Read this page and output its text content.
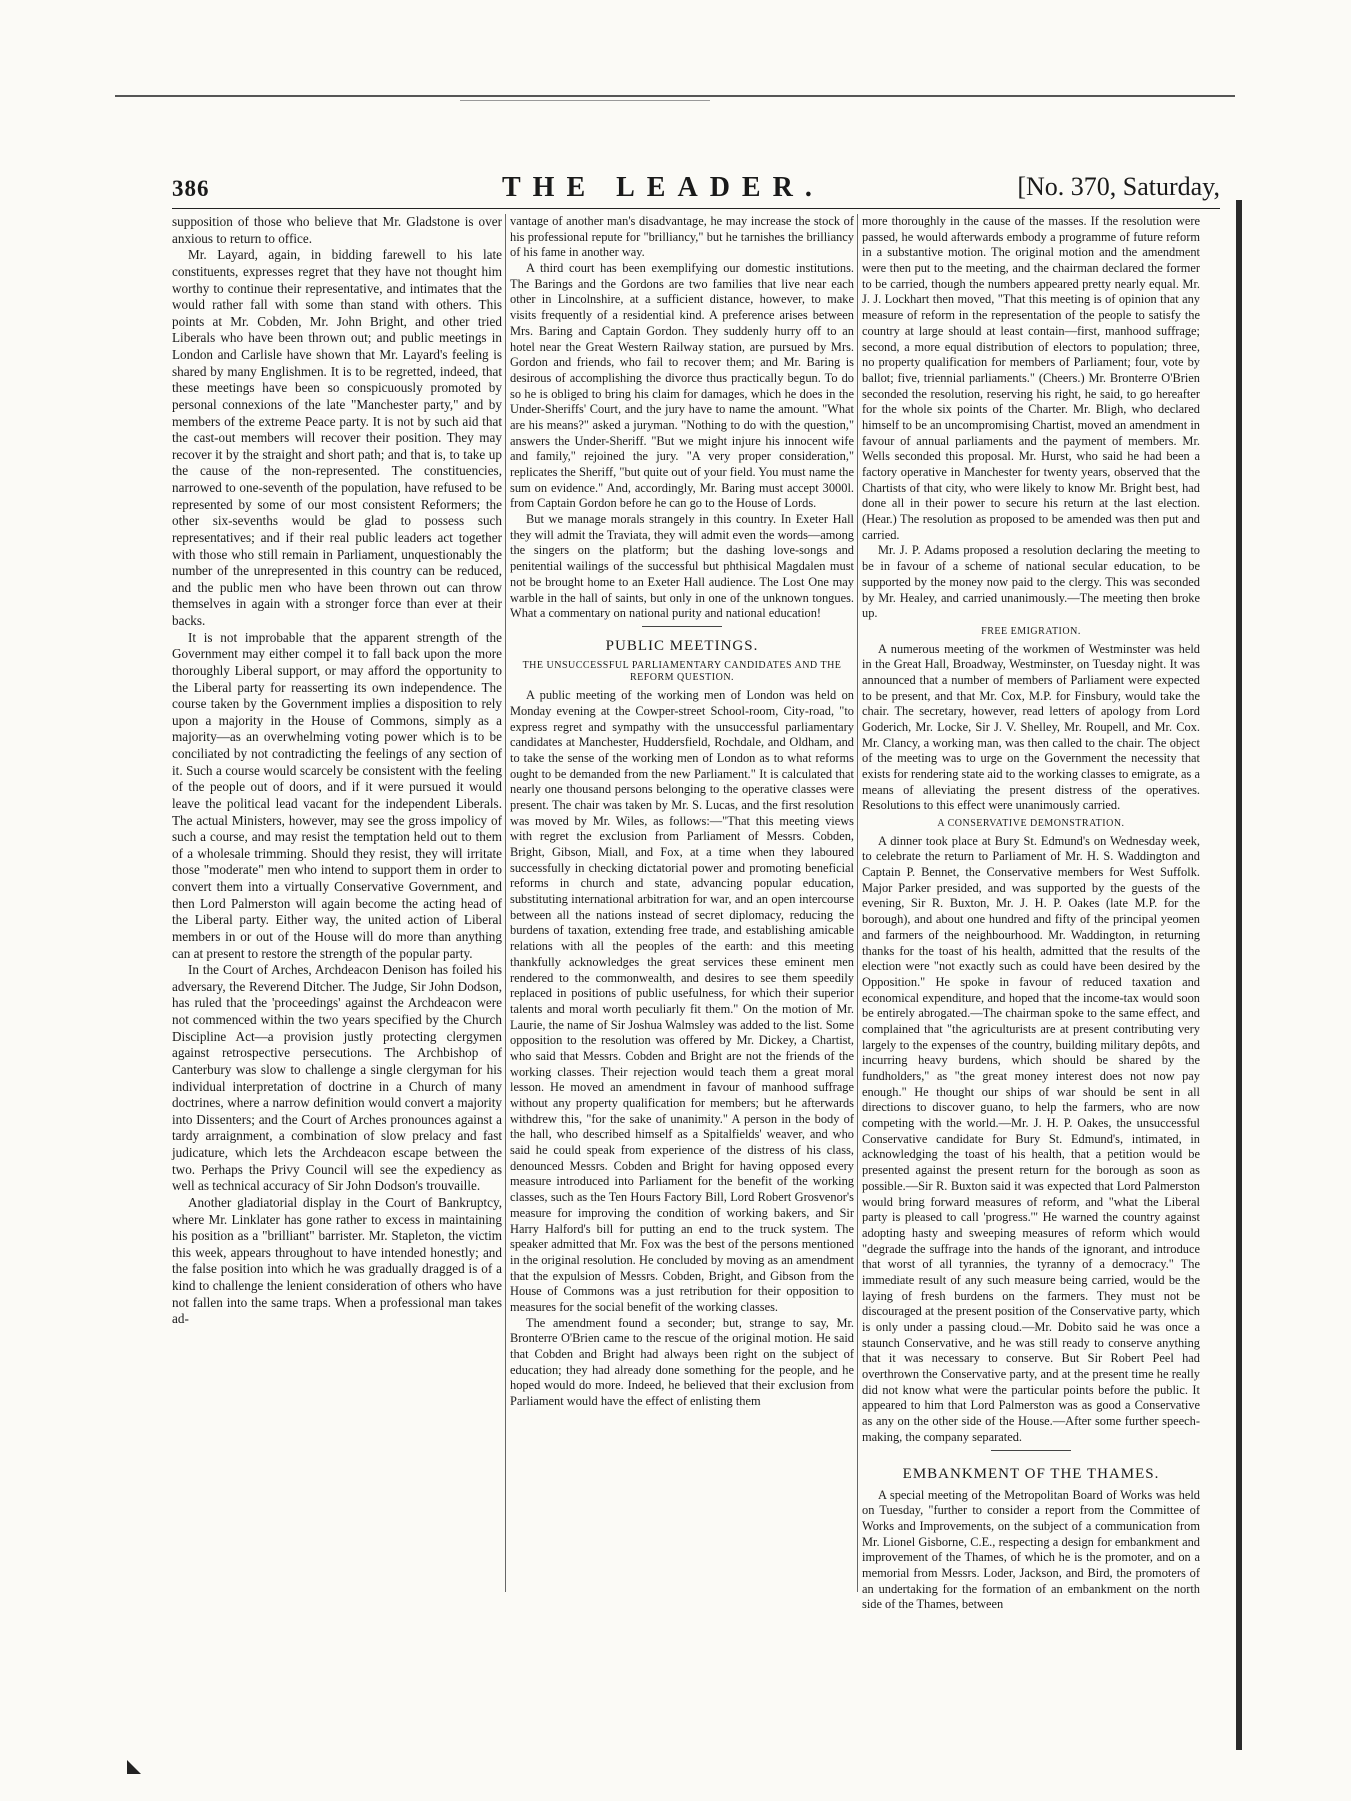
386	THE LEADER.	[No. 370, Saturday,

supposition of those who believe that Mr. Gladstone is over anxious to return to office.

Mr. Layard, again, in bidding farewell to his late constituents, expresses regret that they have not thought him worthy to continue their representative, and intimates that the would rather fall with some than stand with others. This points at Mr. Cobden, Mr. John Bright, and other tried Liberals who have been thrown out; and public meetings in London and Carlisle have shown that Mr. Layard's feeling is shared by many Englishmen. It is to be regretted, indeed, that these meetings have been so conspicuously promoted by personal connexions of the late "Manchester party," and by members of the extreme Peace party. It is not by such aid that the cast-out members will recover their position. They may recover it by the straight and short path; and that is, to take up the cause of the non-represented. The constituencies, narrowed to one-seventh of the population, have refused to be represented by some of our most consistent Reformers; the other six-sevenths would be glad to possess such representatives; and if their real public leaders act together with those who still remain in Parliament, unquestionably the number of the unrepresented in this country can be reduced, and the public men who have been thrown out can throw themselves in again with a stronger force than ever at their backs.

It is not improbable that the apparent strength of the Government may either compel it to fall back upon the more thoroughly Liberal support, or may afford the opportunity to the Liberal party for reasserting its own independence. The course taken by the Government implies a disposition to rely upon a majority in the House of Commons, simply as a majority—as an overwhelming voting power which is to be conciliated by not contradicting the feelings of any section of it. Such a course would scarcely be consistent with the feeling of the people out of doors, and if it were pursued it would leave the political lead vacant for the independent Liberals. The actual Ministers, however, may see the gross impolicy of such a course, and may resist the temptation held out to them of a wholesale trimming. Should they resist, they will irritate those "moderate" men who intend to support them in order to convert them into a virtually Conservative Government, and then Lord Palmerston will again become the acting head of the Liberal party. Either way, the united action of Liberal members in or out of the House will do more than anything can at present to restore the strength of the popular party.

In the Court of Arches, Archdeacon Denison has foiled his adversary, the Reverend Ditcher. The Judge, Sir John Dodson, has ruled that the 'proceedings' against the Archdeacon were not commenced within the two years specified by the Church Discipline Act—a provision justly protecting clergymen against retrospective persecutions. The Archbishop of Canterbury was slow to challenge a single clergyman for his individual interpretation of doctrine in a Church of many doctrines, where a narrow definition would convert a majority into Dissenters; and the Court of Arches pronounces against a tardy arraignment, a combination of slow prelacy and fast judicature, which lets the Archdeacon escape between the two. Perhaps the Privy Council will see the expediency as well as technical accuracy of Sir John Dodson's trouvaille.

Another gladiatorial display in the Court of Bankruptcy, where Mr. Linklater has gone rather to excess in maintaining his position as a "brilliant" barrister. Mr. Stapleton, the victim this week, appears throughout to have intended honestly; and the false position into which he was gradually dragged is of a kind to challenge the lenient consideration of others who have not fallen into the same traps. When a professional man takes ad-

vantage of another man's disadvantage, he may increase the stock of his professional repute for "brilliancy," but he tarnishes the brilliancy of his fame in another way.

A third court has been exemplifying our domestic institutions. The Barings and the Gordons are two families that live near each other in Lincolnshire, at a sufficient distance, however, to make visits frequently of a residential kind. A preference arises between Mrs. Baring and Captain Gordon. They suddenly hurry off to an hotel near the Great Western Railway station, are pursued by Mrs. Gordon and friends, who fail to recover them; and Mr. Baring is desirous of accomplishing the divorce thus practically begun. To do so he is obliged to bring his claim for damages, which he does in the Under-Sheriffs' Court, and the jury have to name the amount. "What are his means?" asked a juryman. "Nothing to do with the question," answers the Under-Sheriff. "But we might injure his innocent wife and family," rejoined the jury. "A very proper consideration," replicates the Sheriff, "but quite out of your field. You must name the sum on evidence." And, accordingly, Mr. Baring must accept 3000l. from Captain Gordon before he can go to the House of Lords.

But we manage morals strangely in this country. In Exeter Hall they will admit the Traviata, they will admit even the words—among the singers on the platform; but the dashing love-songs and penitential wailings of the successful but phthisical Magdalen must not be brought home to an Exeter Hall audience. The Lost One may warble in the hall of saints, but only in one of the unknown tongues. What a commentary on national purity and national education!

PUBLIC MEETINGS.
THE UNSUCCESSFUL PARLIAMENTARY CANDIDATES AND THE REFORM QUESTION.

A public meeting of the working men of London was held on Monday evening at the Cowper-street School-room, City-road, "to express regret and sympathy with the unsuccessful parliamentary candidates at Manchester, Huddersfield, Rochdale, and Oldham, and to take the sense of the working men of London as to what reforms ought to be demanded from the new Parliament." It is calculated that nearly one thousand persons belonging to the operative classes were present. The chair was taken by Mr. S. Lucas, and the first resolution was moved by Mr. Wiles, as follows:—"That this meeting views with regret the exclusion from Parliament of Messrs. Cobden, Bright, Gibson, Miall, and Fox, at a time when they laboured successfully in checking dictatorial power and promoting beneficial reforms in church and state, advancing popular education, substituting international arbitration for war, and an open intercourse between all the nations instead of secret diplomacy, reducing the burdens of taxation, extending free trade, and establishing amicable relations with all the peoples of the earth: and this meeting thankfully acknowledges the great services these eminent men rendered to the commonwealth, and desires to see them speedily replaced in positions of public usefulness, for which their superior talents and moral worth peculiarly fit them." On the motion of Mr. Laurie, the name of Sir Joshua Walmsley was added to the list. Some opposition to the resolution was offered by Mr. Dickey, a Chartist, who said that Messrs. Cobden and Bright are not the friends of the working classes. Their rejection would teach them a great moral lesson. He moved an amendment in favour of manhood suffrage without any property qualification for members; but he afterwards withdrew this, "for the sake of unanimity." A person in the body of the hall, who described himself as a Spitalfields' weaver, and who said he could speak from experience of the distress of his class, denounced Messrs. Cobden and Bright for having opposed every measure introduced into Parliament for the benefit of the working classes, such as the Ten Hours Factory Bill, Lord Robert Grosvenor's measure for improving the condition of working bakers, and Sir Harry Halford's bill for putting an end to the truck system. The speaker admitted that Mr. Fox was the best of the persons mentioned in the original resolution. He concluded by moving as an amendment that the expulsion of Messrs. Cobden, Bright, and Gibson from the House of Commons was a just retribution for their opposition to measures for the social benefit of the working classes.

The amendment found a seconder; but, strange to say, Mr. Bronterre O'Brien came to the rescue of the original motion. He said that Cobden and Bright had always been right on the subject of education; they had already done something for the people, and he hoped would do more. Indeed, he believed that their exclusion from Parliament would have the effect of enlisting them

more thoroughly in the cause of the masses. If the resolution were passed, he would afterwards embody a programme of future reform in a substantive motion. The original motion and the amendment were then put to the meeting, and the chairman declared the former to be carried, though the numbers appeared pretty nearly equal. Mr. J. J. Lockhart then moved, "That this meeting is of opinion that any measure of reform in the representation of the people to satisfy the country at large should at least contain—first, manhood suffrage; second, a more equal distribution of electors to population; three, no property qualification for members of Parliament; four, vote by ballot; five, triennial parliaments." (Cheers.) Mr. Bronterre O'Brien seconded the resolution, reserving his right, he said, to go hereafter for the whole six points of the Charter. Mr. Bligh, who declared himself to be an uncompromising Chartist, moved an amendment in favour of annual parliaments and the payment of members. Mr. Wells seconded this proposal. Mr. Hurst, who said he had been a factory operative in Manchester for twenty years, observed that the Chartists of that city, who were likely to know Mr. Bright best, had done all in their power to secure his return at the last election. (Hear.) The resolution as proposed to be amended was then put and carried.

Mr. J. P. Adams proposed a resolution declaring the meeting to be in favour of a scheme of national secular education, to be supported by the money now paid to the clergy. This was seconded by Mr. Healey, and carried unanimously.—The meeting then broke up.

FREE EMIGRATION.

A numerous meeting of the workmen of Westminster was held in the Great Hall, Broadway, Westminster, on Tuesday night. It was announced that a number of members of Parliament were expected to be present, and that Mr. Cox, M.P. for Finsbury, would take the chair. The secretary, however, read letters of apology from Lord Goderich, Mr. Locke, Sir J. V. Shelley, Mr. Roupell, and Mr. Cox. Mr. Clancy, a working man, was then called to the chair. The object of the meeting was to urge on the Government the necessity that exists for rendering state aid to the working classes to emigrate, as a means of alleviating the present distress of the operatives. Resolutions to this effect were unanimously carried.

A CONSERVATIVE DEMONSTRATION.

A dinner took place at Bury St. Edmund's on Wednesday week, to celebrate the return to Parliament of Mr. H. S. Waddington and Captain P. Bennet, the Conservative members for West Suffolk. Major Parker presided, and was supported by the guests of the evening, Sir R. Buxton, Mr. J. H. P. Oakes (late M.P. for the borough), and about one hundred and fifty of the principal yeomen and farmers of the neighbourhood. Mr. Waddington, in returning thanks for the toast of his health, admitted that the results of the election were "not exactly such as could have been desired by the Opposition." He spoke in favour of reduced taxation and economical expenditure, and hoped that the income-tax would soon be entirely abrogated.—The chairman spoke to the same effect, and complained that "the agriculturists are at present contributing very largely to the expenses of the country, building military depôts, and incurring heavy burdens, which should be shared by the fundholders," as "the great money interest does not now pay enough." He thought our ships of war should be sent in all directions to discover guano, to help the farmers, who are now competing with the world.—Mr. J. H. P. Oakes, the unsuccessful Conservative candidate for Bury St. Edmund's, intimated, in acknowledging the toast of his health, that a petition would be presented against the present return for the borough as soon as possible.—Sir R. Buxton said it was expected that Lord Palmerston would bring forward measures of reform, and "what the Liberal party is pleased to call 'progress.'" He warned the country against adopting hasty and sweeping measures of reform which would "degrade the suffrage into the hands of the ignorant, and introduce that worst of all tyrannies, the tyranny of a democracy." The immediate result of any such measure being carried, would be the laying of fresh burdens on the farmers. They must not be discouraged at the present position of the Conservative party, which is only under a passing cloud.—Mr. Dobito said he was once a staunch Conservative, and he was still ready to conserve anything that it was necessary to conserve. But Sir Robert Peel had overthrown the Conservative party, and at the present time he really did not know what were the particular points before the public. It appeared to him that Lord Palmerston was as good a Conservative as any on the other side of the House.—After some further speech-making, the company separated.

EMBANKMENT OF THE THAMES.

A special meeting of the Metropolitan Board of Works was held on Tuesday, "further to consider a report from the Committee of Works and Improvements, on the subject of a communication from Mr. Lionel Gisborne, C.E., respecting a design for embankment and improvement of the Thames, of which he is the promoter, and on a memorial from Messrs. Loder, Jackson, and Bird, the promoters of an undertaking for the formation of an embankment on the north side of the Thames, between
